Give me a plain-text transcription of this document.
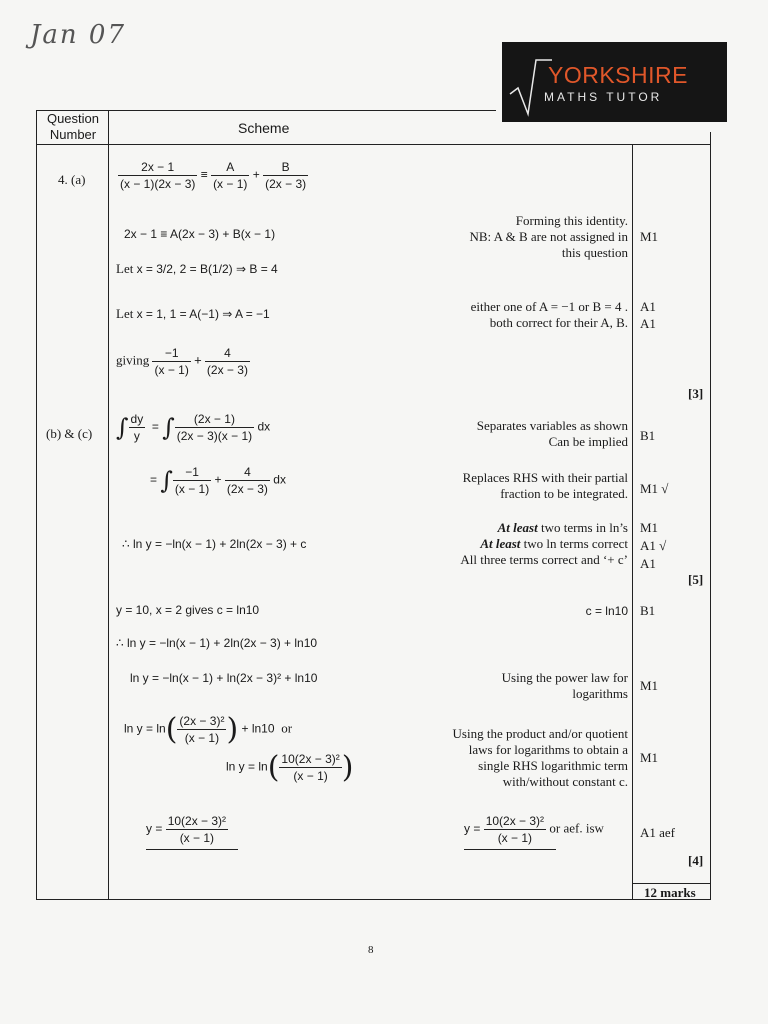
Jan 07
YORKSHIRE
MATHS TUTOR
Question Number	Scheme
4. (a)
(b) & (c)
$\frac{2x - 1}{(x - 1)(2x - 3)} \equiv \frac{A}{(x - 1)} + \frac{B}{(2x - 3)}$
2x − 1 ≡ A(2x − 3) + B(x − 1)
Let x = 3/2, 2 = B(1/2) ⇒ B = 4
Let x = 1, 1 = A(−1) ⇒ A = −1
giving $\frac{-1}{(x - 1)} + \frac{4}{(2x - 3)}$
Forming this identity.
NB: A & B are not assigned in
this question
either one of A = −1 or B = 4 .
both correct for their A, B.
M1
A1
A1
[3]
∫ $\frac{dy}{y}$ = ∫ $\frac{(2x - 1)}{(2x - 3)(x - 1)}$ dx
= ∫ $\frac{-1}{(x - 1)} + \frac{4}{(2x - 3)}$ dx
∴ ln y = −ln(x − 1) + 2ln(2x − 3) + c
Separates variables as shown
Can be implied
Replaces RHS with their partial
fraction to be integrated.
At least two terms in ln’s
At least two ln terms correct
All three terms correct and ‘+ c’
B1
M1 √
M1
A1 √
A1
[5]
y = 10, x = 2 gives c = ln10
∴ ln y = −ln(x − 1) + 2ln(2x − 3) + ln10
ln y = −ln(x − 1) + ln(2x − 3)² + ln10
$\ln y = \ln( \frac{\text{(2x − 3)²}}{(x - 1)}$ ) + ln10 or
$\ln y = \ln( \frac{\text{10(2x − 3)²}}{(x - 1)}$ )
$y = \frac{\text{10(2x − 3)²}}{(x - 1)}$
c = ln10
Using the power law for
logarithms
Using the product and/or quotient
laws for logarithms to obtain a
single RHS logarithmic term
with/without constant c.
$y = \frac{\text{10(2x − 3)²}}{(x - 1)}$ or aef. isw
B1
M1
M1
A1 aef
[4]
12 marks
8
